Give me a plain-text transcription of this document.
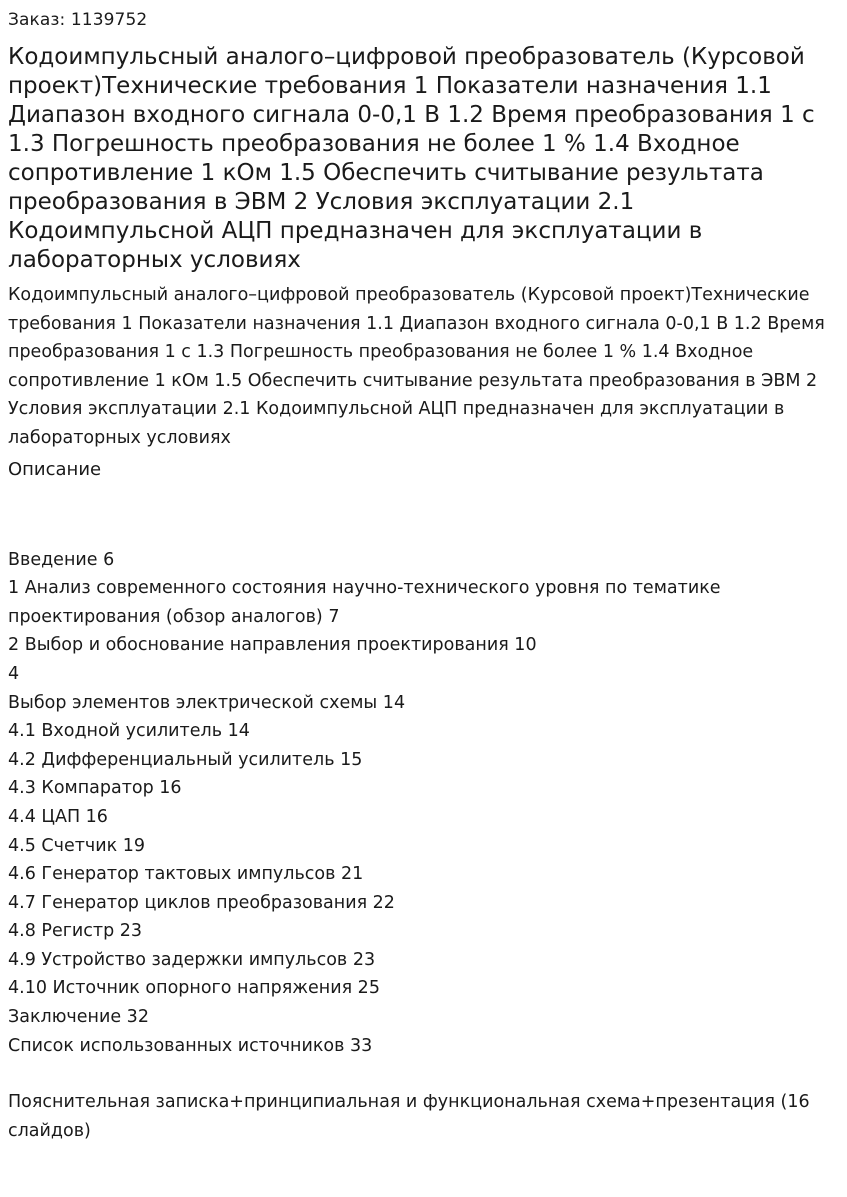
Заказ: 1139752
Кодоимпульсный аналого–цифровой преобразователь (Курсовой проект)Технические требования 1 Показатели назначения 1.1 Диапазон входного сигнала 0-0,1 В 1.2 Время преобразования 1 с 1.3 Погрешность преобразования не более 1 % 1.4 Входное сопротивление 1 кОм 1.5 Обеспечить считывание результата преобразования в ЭВМ 2 Условия эксплуатации 2.1 Кодоимпульсной АЦП предназначен для эксплуатации в лабораторных условиях

Кодоимпульсный аналого–цифровой преобразователь (Курсовой проект)Технические требования 1 Показатели назначения 1.1 Диапазон входного сигнала 0-0,1 В 1.2 Время преобразования 1 с 1.3 Погрешность преобразования не более 1 % 1.4 Входное сопротивление 1 кОм 1.5 Обеспечить считывание результата преобразования в ЭВМ 2 Условия эксплуатации 2.1 Кодоимпульсной АЦП предназначен для эксплуатации в лабораторных условиях

Описание
Введение 6
1 Анализ современного состояния научно-технического уровня по тематике проектирования (обзор аналогов) 7
2 Выбор и обоснование направления проектирования 10
4
Выбор элементов электрической схемы 14
4.1 Входной усилитель 14
4.2 Дифференциальный усилитель 15
4.3 Компаратор 16
4.4 ЦАП 16
4.5 Счетчик 19
4.6 Генератор тактовых импульсов 21
4.7 Генератор циклов преобразования 22
4.8 Регистр 23
4.9 Устройство задержки импульсов 23
4.10 Источник опорного напряжения 25
Заключение 32
Список использованных источников 33

Пояснительная записка+принципиальная и функциональная схема+презентация (16 слайдов)
